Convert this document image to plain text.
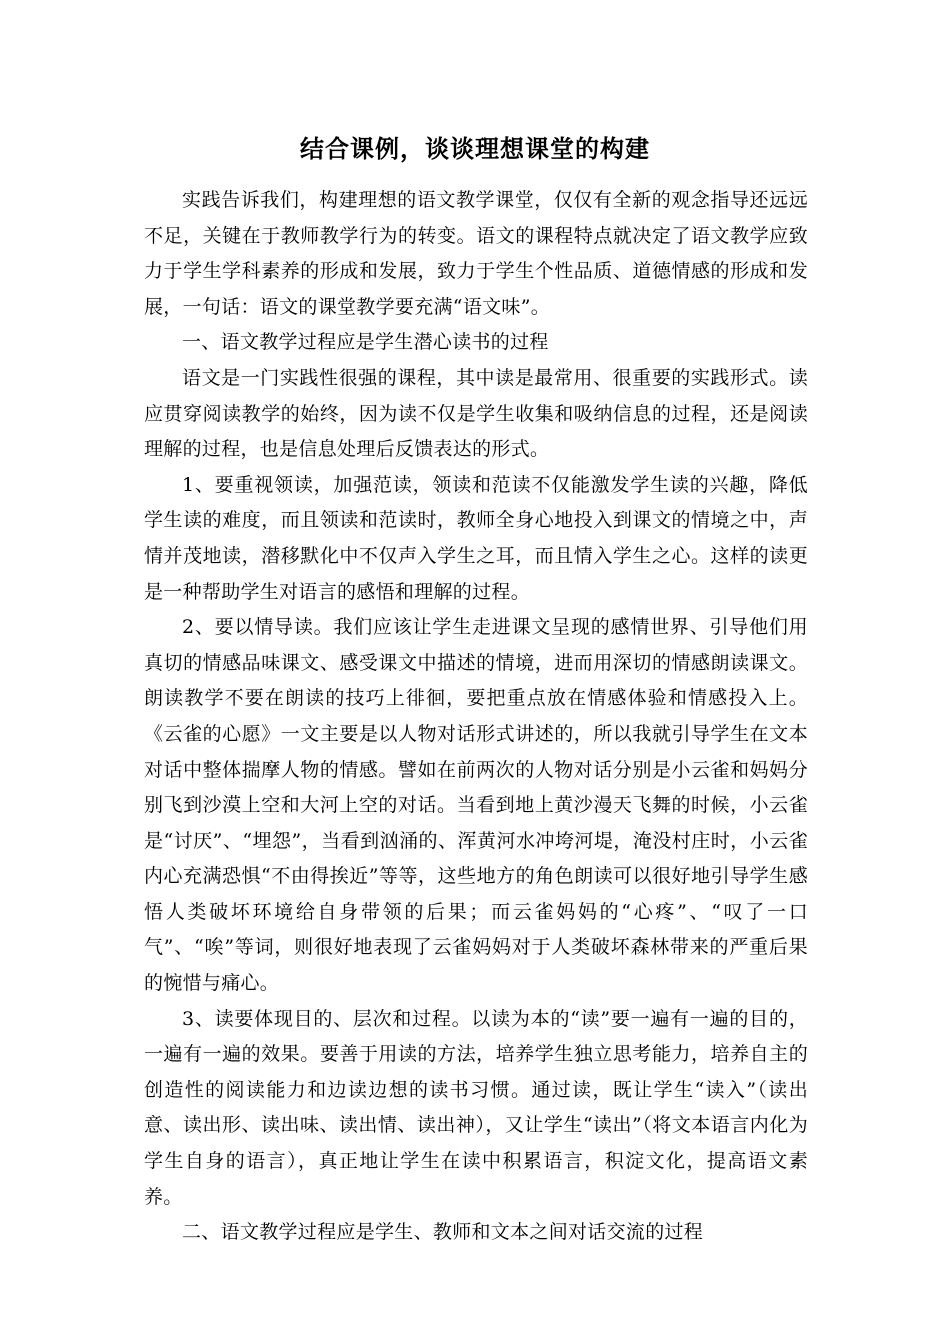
结合课例，谈谈理想课堂的构建

实践告诉我们，构建理想的语文教学课堂，仅仅有全新的观念指导还远远不足，关键在于教师教学行为的转变。语文的课程特点就决定了语文教学应致力于学生学科素养的形成和发展，致力于学生个性品质、道德情感的形成和发展，一句话：语文的课堂教学要充满“语文味”。

一、语文教学过程应是学生潜心读书的过程

语文是一门实践性很强的课程，其中读是最常用、很重要的实践形式。读应贯穿阅读教学的始终，因为读不仅是学生收集和吸纳信息的过程，还是阅读理解的过程，也是信息处理后反馈表达的形式。

1、要重视领读，加强范读，领读和范读不仅能激发学生读的兴趣，降低学生读的难度，而且领读和范读时，教师全身心地投入到课文的情境之中，声情并茂地读，潜移默化中不仅声入学生之耳，而且情入学生之心。这样的读更是一种帮助学生对语言的感悟和理解的过程。

2、要以情导读。我们应该让学生走进课文呈现的感情世界、引导他们用真切的情感品味课文、感受课文中描述的情境，进而用深切的情感朗读课文。朗读教学不要在朗读的技巧上徘徊，要把重点放在情感体验和情感投入上。《云雀的心愿》一文主要是以人物对话形式讲述的，所以我就引导学生在文本对话中整体揣摩人物的情感。譬如在前两次的人物对话分别是小云雀和妈妈分别飞到沙漠上空和大河上空的对话。当看到地上黄沙漫天飞舞的时候，小云雀是“讨厌”、“埋怨”，当看到汹涌的、浑黄河水冲垮河堤，淹没村庄时，小云雀内心充满恐惧“不由得挨近”等等，这些地方的角色朗读可以很好地引导学生感悟人类破坏环境给自身带领的后果；而云雀妈妈的“心疼”、“叹了一口气”、“唉”等词，则很好地表现了云雀妈妈对于人类破坏森林带来的严重后果的惋惜与痛心。

3、读要体现目的、层次和过程。以读为本的“读”要一遍有一遍的目的，一遍有一遍的效果。要善于用读的方法，培养学生独立思考能力，培养自主的创造性的阅读能力和边读边想的读书习惯。通过读，既让学生“读入”（读出意、读出形、读出味、读出情、读出神），又让学生“读出”（将文本语言内化为学生自身的语言），真正地让学生在读中积累语言，积淀文化，提高语文素养。

二、语文教学过程应是学生、教师和文本之间对话交流的过程
